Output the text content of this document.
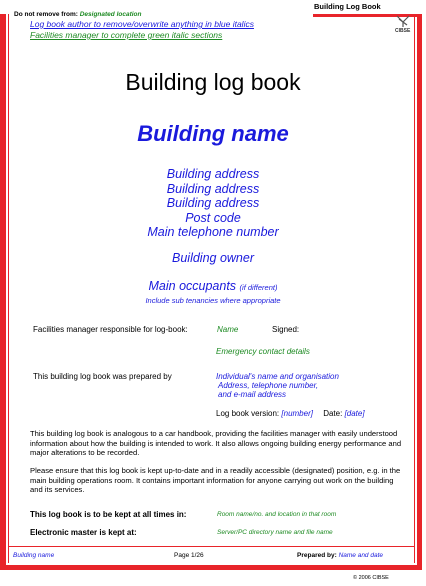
Building Log Book
CIBSE
Do not remove from: Designated location
Log book author to remove/overwrite anything in blue italics
Facilities manager to complete green italic sections
Building log book
Building name
Building address
Building address
Building address
Post code
Main telephone number
Building owner
Main occupants (if different)
Include sub tenancies where appropriate
Facilities manager responsible for log-book:	Name	Signed:
Emergency contact details
This building log book was prepared by	Individual's name and organisation
Address, telephone number,
and e-mail address
Log book version: [number] Date: [date]
This building log book is analogous to a car handbook, providing the facilities manager with easily understood information about how the building is intended to work. It also allows ongoing building energy performance and major alterations to be recorded.
Please ensure that this log book is kept up-to-date and in a readily accessible (designated) position, e.g. in the main building operations room. It contains important information for anyone carrying out work on the building and its services.
This log book is to be kept at all times in:	Room name/no. and location in that room
Electronic master is kept at:	Server/PC directory name and file name
Building name	Page 1/26	Prepared by: Name and date
© 2006 CIBSE
